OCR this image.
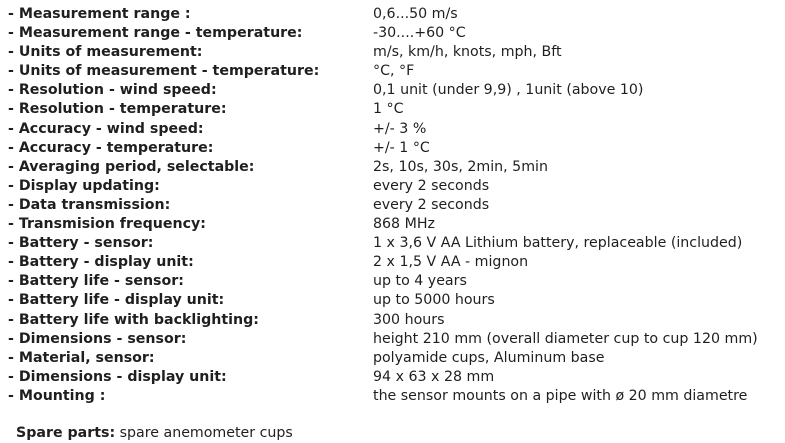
- Measurement range :	0,6...50 m/s
- Measurement range - temperature:	-30....+60 °C
- Units of measurement:	m/s, km/h, knots, mph, Bft
- Units of measurement - temperature:	°C, °F
- Resolution - wind speed:	0,1 unit (under 9,9) , 1unit (above 10)
- Resolution - temperature:	1 °C
- Accuracy - wind speed:	+/- 3 %
- Accuracy - temperature:	+/- 1 °C
- Averaging period, selectable:	2s, 10s, 30s, 2min, 5min
- Display updating:	every 2 seconds
- Data transmission:	every 2 seconds
- Transmision frequency:	868 MHz
- Battery - sensor:	1 x 3,6 V AA Lithium battery, replaceable (included)
- Battery - display unit:	2 x 1,5 V AA - mignon
- Battery life - sensor:	up to 4 years
- Battery life - display unit:	up to 5000 hours
- Battery life with backlighting:	300 hours
- Dimensions - sensor:	height 210 mm (overall diameter cup to cup 120 mm)
- Material, sensor:	polyamide cups, Aluminum base
- Dimensions - display unit:	94 x 63 x 28 mm
- Mounting :	the sensor mounts on a pipe with ø 20 mm diametre
Spare parts: spare anemometer cups
